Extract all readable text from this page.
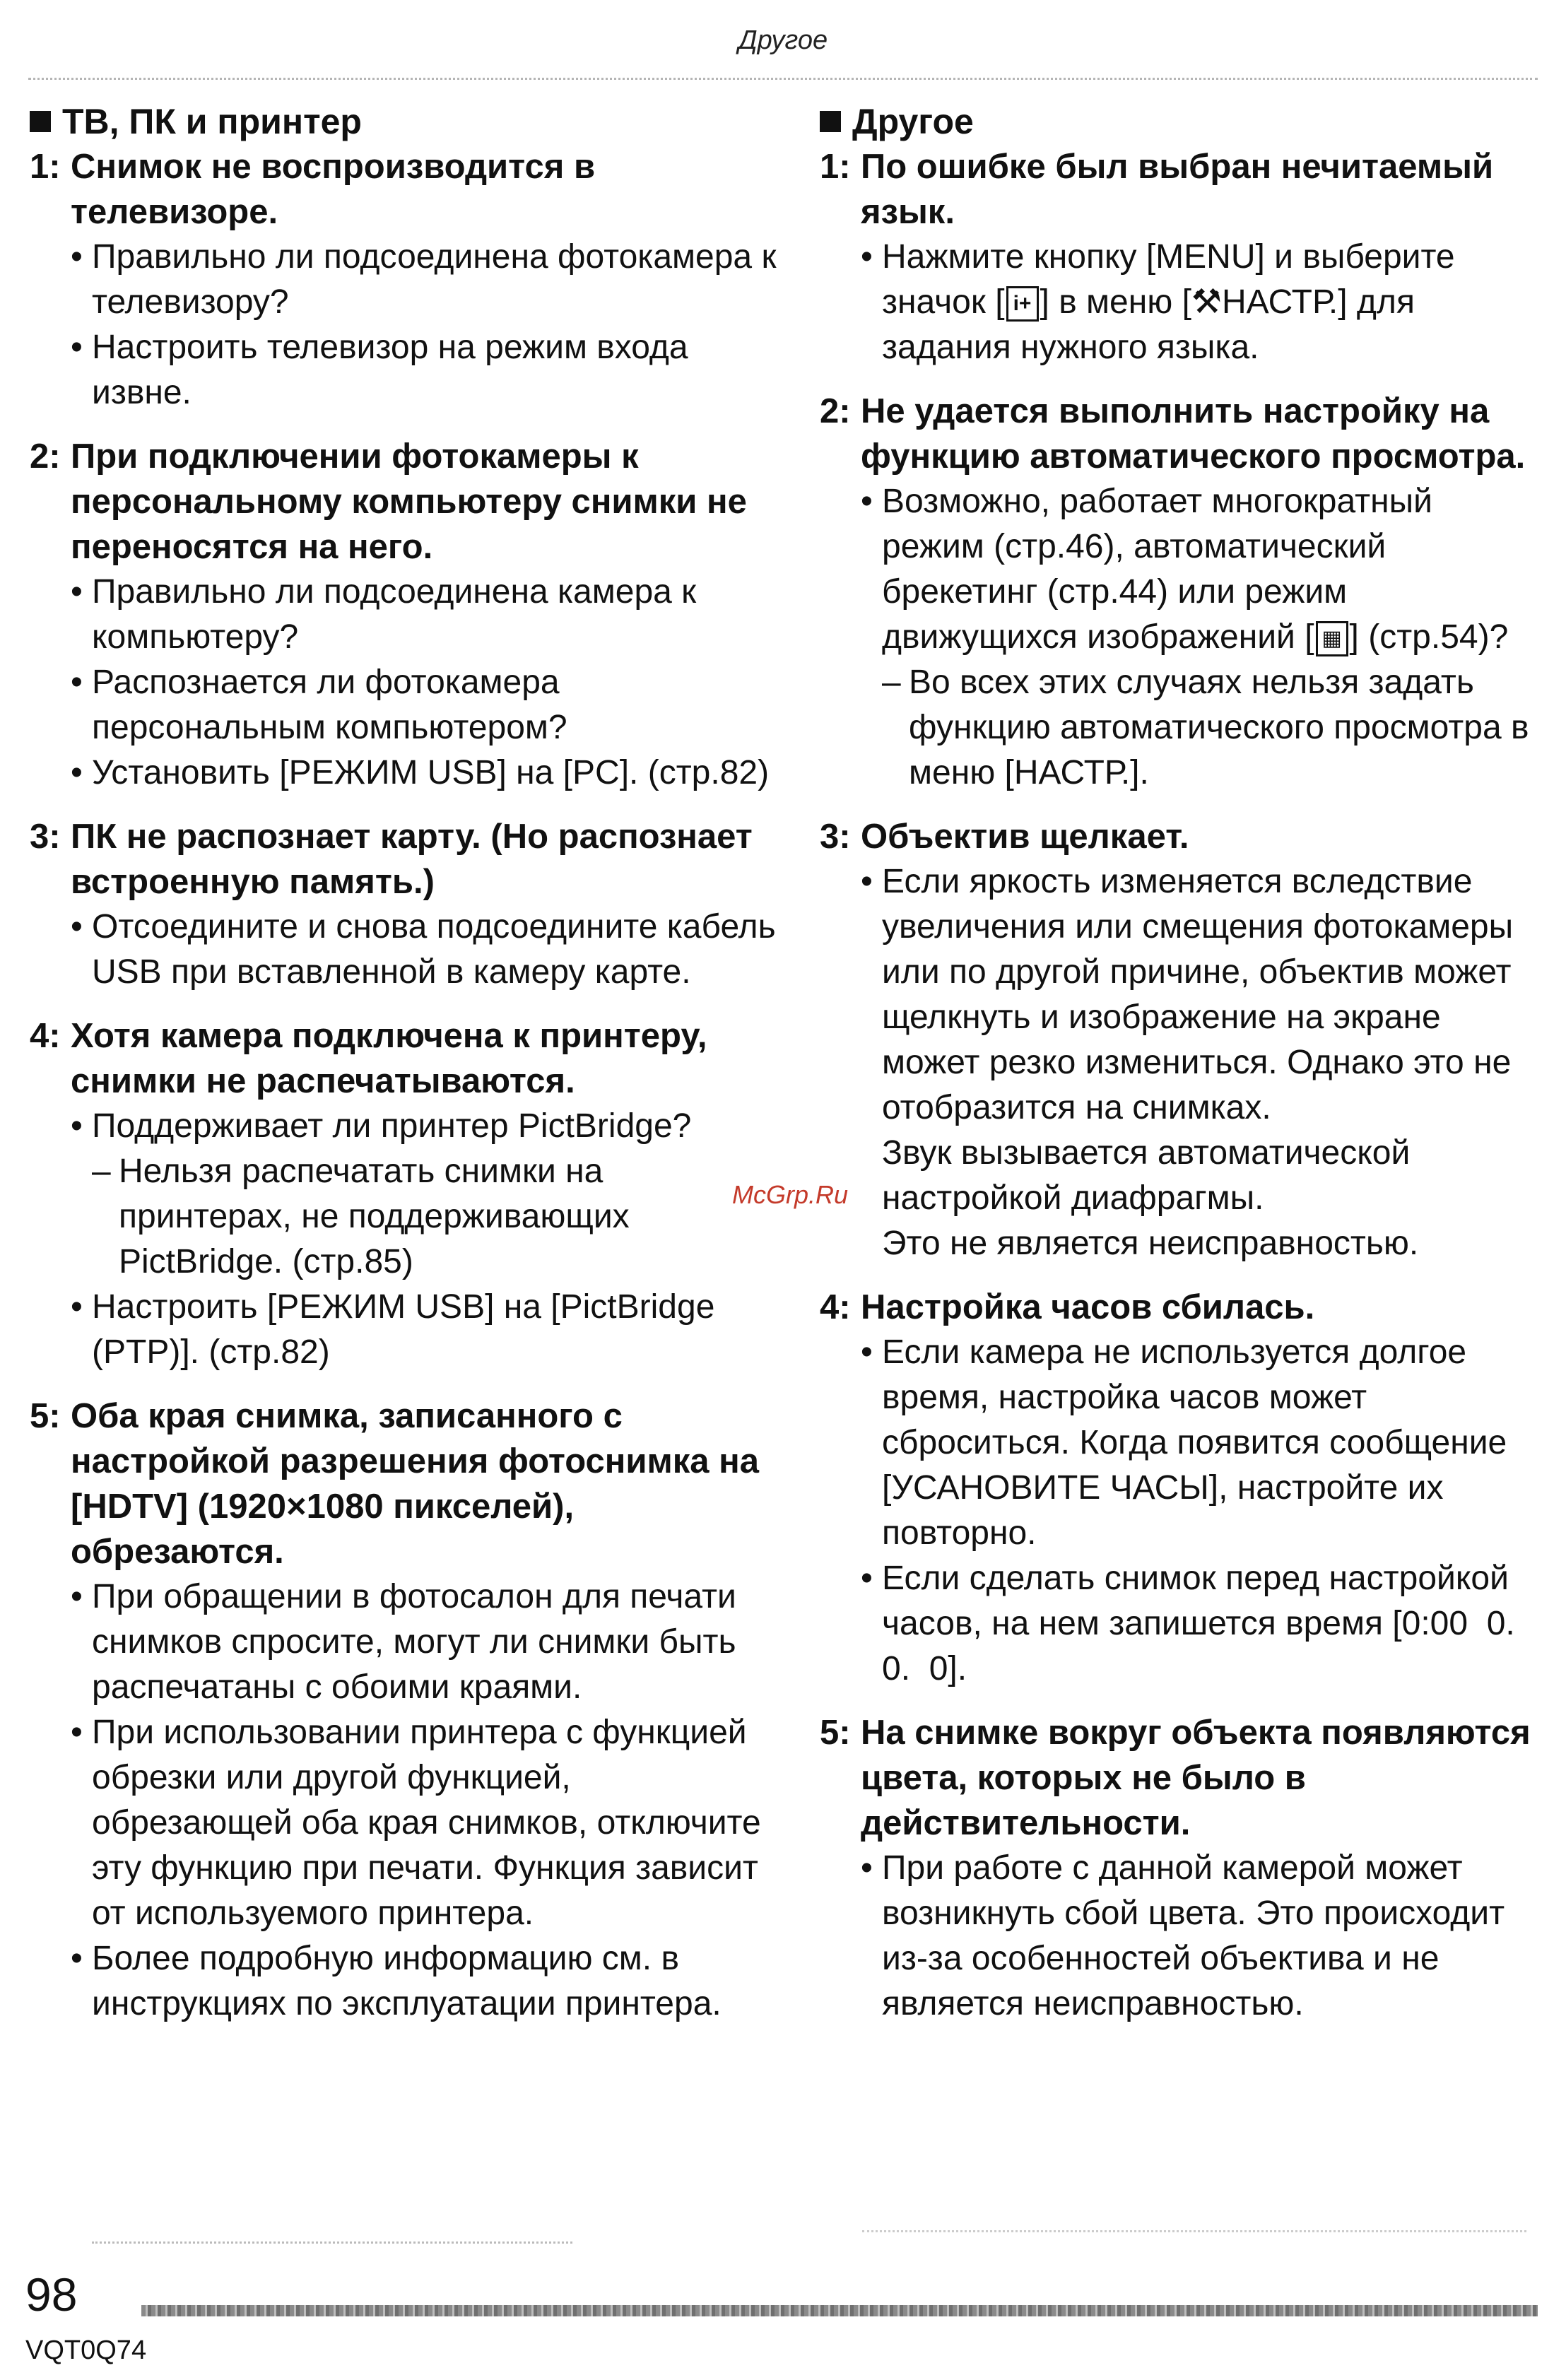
Другое
McGrp.Ru
ТВ, ПК и принтер
1: Снимок не воспроизводится в телевизоре.
• Правильно ли подсоединена фотокамера к телевизору?
• Настроить телевизор на режим входа извне.
2: При подключении фотокамеры к персональному компьютеру снимки не переносятся на него.
• Правильно ли подсоединена камера к компьютеру?
• Распознается ли фотокамера персональным компьютером?
• Установить [РЕЖИМ USB] на [PC]. (стр.82)
3: ПК не распознает карту. (Но распознает встроенную память.)
• Отсоедините и снова подсоедините кабель USB при вставленной в камеру карте.
4: Хотя камера подключена к принтеру, снимки не распечатываются.
• Поддерживает ли принтер PictBridge?
– Нельзя распечатать снимки на принтерах, не поддерживающих PictBridge. (стр.85)
• Настроить [РЕЖИМ USB] на [PictBridge (PTP)]. (стр.82)
5: Оба края снимка, записанного с настройкой разрешения фотоснимка на [HDTV] (1920×1080 пикселей), обрезаются.
• При обращении в фотосалон для печати снимков спросите, могут ли снимки быть распечатаны с обоими краями.
• При использовании принтера с функцией обрезки или другой функцией, обрезающей оба края снимков, отключите эту функцию при печати. Функция зависит от используемого принтера.
• Более подробную информацию см. в инструкциях по эксплуатации принтера.
Другое
1: По ошибке был выбран нечитаемый язык.
• Нажмите кнопку [MENU] и выберите значок [ i+ ] в меню [⚒НАСТР.] для задания нужного языка.
2: Не удается выполнить настройку на функцию автоматического просмотра.
• Возможно, работает многократный режим (стр.46), автоматический брекетинг (стр.44) или режим движущихся изображений [ ▦ ] (стр.54)?
– Во всех этих случаях нельзя задать функцию автоматического просмотра в меню [НАСТР.].
3: Объектив щелкает.
• Если яркость изменяется вследствие увеличения или смещения фотокамеры или по другой причине, объектив может щелкнуть и изображение на экране может резко измениться. Однако это не отобразится на снимках.
Звук вызывается автоматической настройкой диафрагмы.
Это не является неисправностью.
4: Настройка часов сбилась.
• Если камера не используется долгое время, настройка часов может сброситься. Когда появится сообщение [УСАНОВИТЕ ЧАСЫ], настройте их повторно.
• Если сделать снимок перед настройкой часов, на нем запишется время [0:00  0. 0.  0].
5: На снимке вокруг объекта появляются цвета, которых не было в действительности.
• При работе с данной камерой может возникнуть сбой цвета. Это происходит из-за особенностей объектива и не является неисправностью.
98
VQT0Q74
